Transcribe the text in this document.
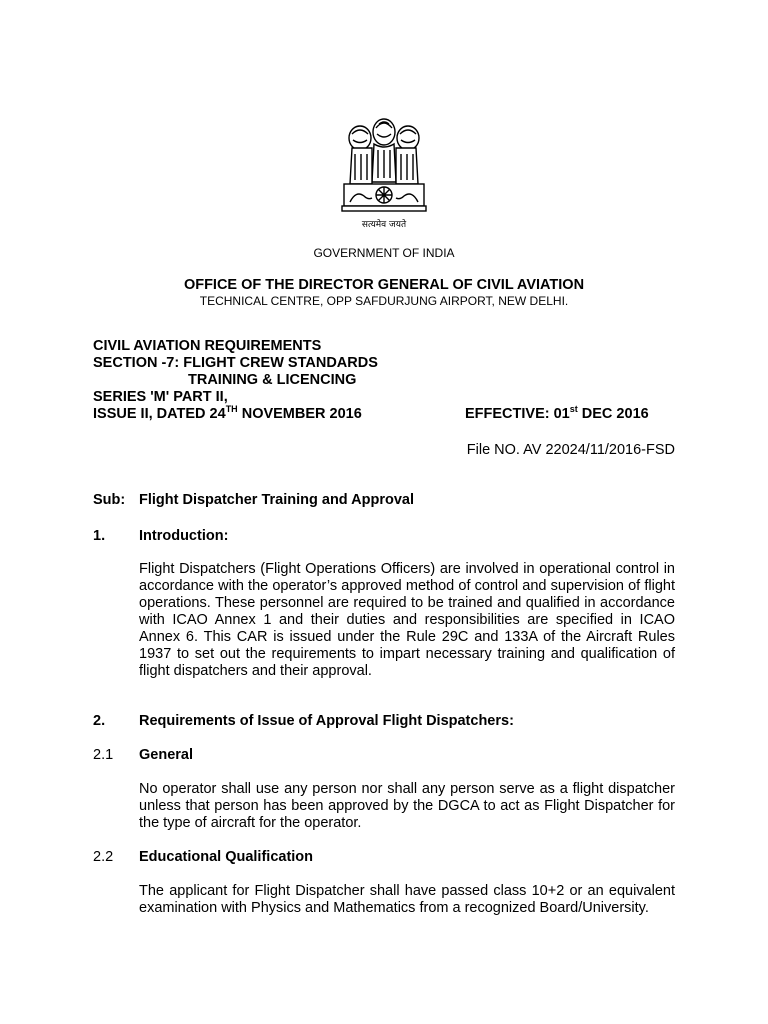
सत्यमेव जयते
GOVERNMENT OF INDIA
OFFICE OF THE DIRECTOR GENERAL OF CIVIL AVIATION
TECHNICAL CENTRE, OPP SAFDURJUNG AIRPORT, NEW DELHI.
CIVIL AVIATION REQUIREMENTS
SECTION -7: FLIGHT CREW STANDARDS
TRAINING & LICENCING
SERIES 'M' PART II,
ISSUE II, DATED 24TH NOVEMBER 2016	EFFECTIVE: 01st DEC 2016
File NO. AV 22024/11/2016-FSD
Sub: Flight Dispatcher Training and Approval
1. Introduction:

Flight Dispatchers (Flight Operations Officers) are involved in operational control in accordance with the operator’s approved method of control and supervision of flight operations. These personnel are required to be trained and qualified in accordance with ICAO Annex 1 and their duties and responsibilities are specified in ICAO Annex 6. This CAR is issued under the Rule 29C and 133A of the Aircraft Rules 1937 to set out the requirements to impart necessary training and qualification of flight dispatchers and their approval.

2. Requirements of Issue of Approval Flight Dispatchers:
2.1 General

No operator shall use any person nor shall any person serve as a flight dispatcher unless that person has been approved by the DGCA to act as Flight Dispatcher for the type of aircraft for the operator.

2.2 Educational Qualification

The applicant for Flight Dispatcher shall have passed class 10+2 or an equivalent examination with Physics and Mathematics from a recognized Board/University.
